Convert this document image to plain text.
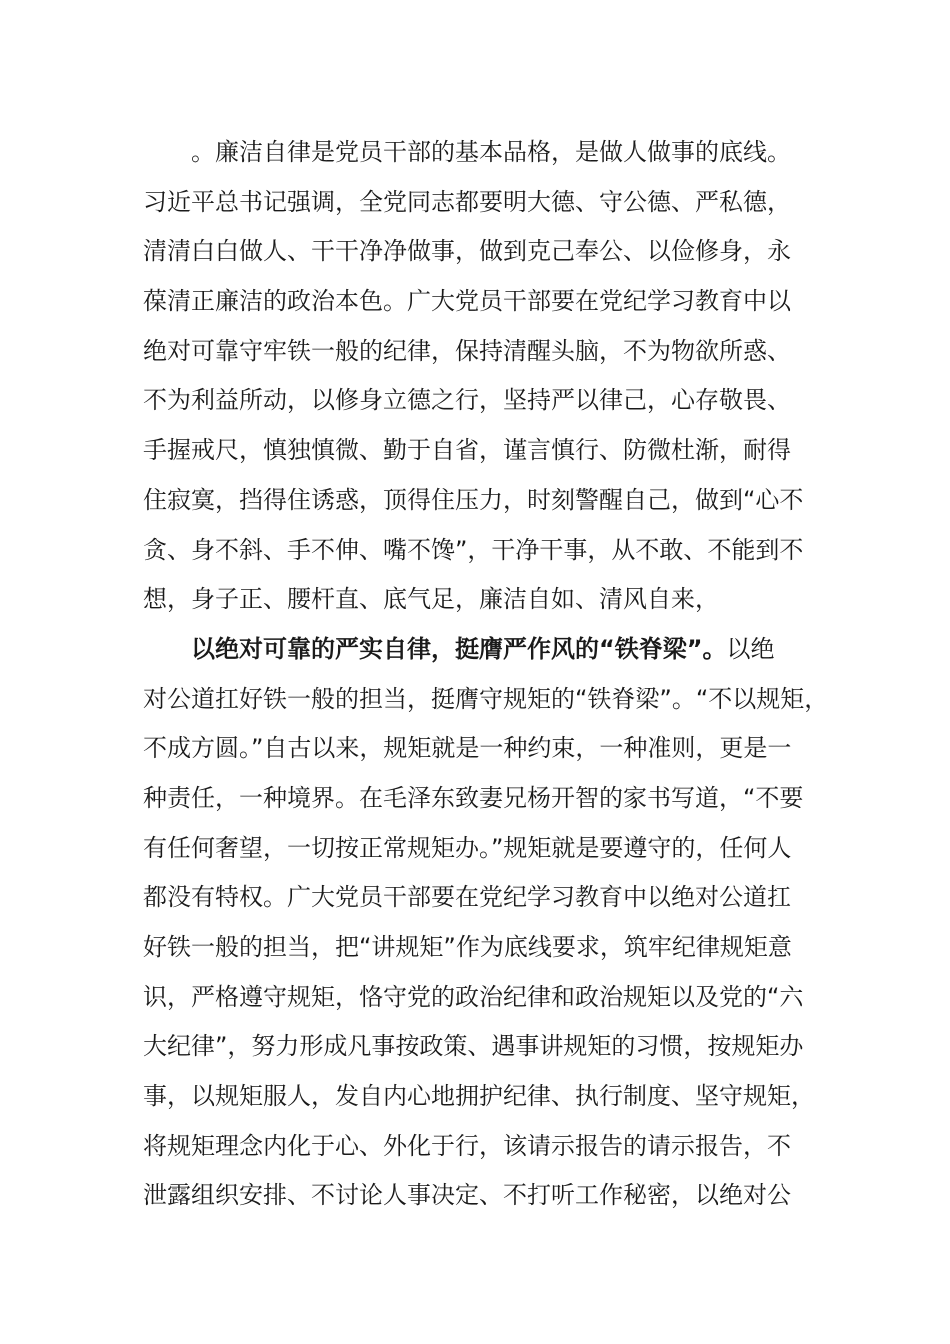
。廉洁自律是党员干部的基本品格，是做人做事的底线。
习近平总书记强调，全党同志都要明大德、守公德、严私德，
清清白白做人、干干净净做事，做到克己奉公、以俭修身，永
葆清正廉洁的政治本色。广大党员干部要在党纪学习教育中以
绝对可靠守牢铁一般的纪律，保持清醒头脑，不为物欲所惑、
不为利益所动，以修身立德之行，坚持严以律己，心存敬畏、
手握戒尺，慎独慎微、勤于自省，谨言慎行、防微杜渐，耐得
住寂寞，挡得住诱惑，顶得住压力，时刻警醒自己，做到“心不
贪、身不斜、手不伸、嘴不馋”，干净干事，从不敢、不能到不
想，身子正、腰杆直、底气足，廉洁自如、清风自来，
以绝对可靠的严实自律，挺膺严作风的“铁脊梁”。以绝
对公道扛好铁一般的担当，挺膺守规矩的“铁脊梁”。“不以规矩，
不成方圆。”自古以来，规矩就是一种约束，一种准则，更是一
种责任，一种境界。在毛泽东致妻兄杨开智的家书写道，“不要
有任何奢望，一切按正常规矩办。”规矩就是要遵守的，任何人
都没有特权。广大党员干部要在党纪学习教育中以绝对公道扛
好铁一般的担当，把“讲规矩”作为底线要求，筑牢纪律规矩意
识，严格遵守规矩，恪守党的政治纪律和政治规矩以及党的“六
大纪律”，努力形成凡事按政策、遇事讲规矩的习惯，按规矩办
事，以规矩服人，发自内心地拥护纪律、执行制度、坚守规矩，
将规矩理念内化于心、外化于行，该请示报告的请示报告，不
泄露组织安排、不讨论人事决定、不打听工作秘密，以绝对公
